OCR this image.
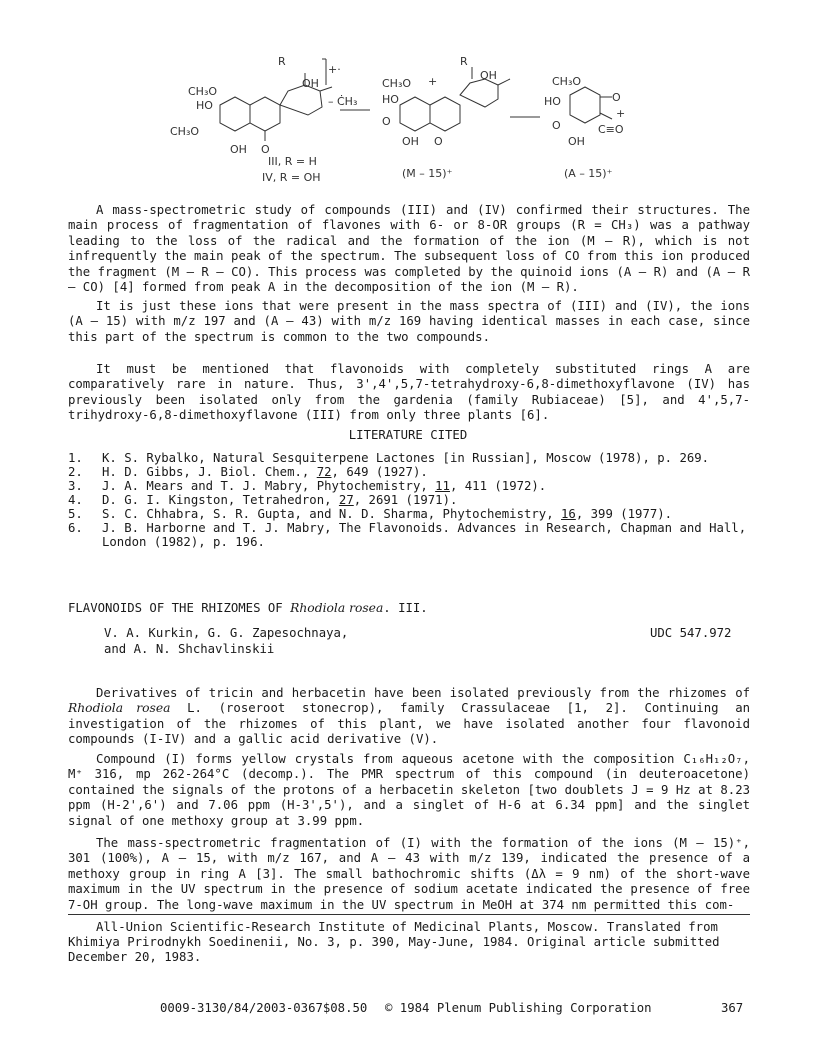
R
+·
OH
CH₃O
HO
CH₃O
OH O
III, R = H
IV, R = OH
– ĊH₃
CH₃O +
HO
R
OH
O
OH O
(M – 15)⁺
CH₃O
HO	O
+
O	C≡O
OH
(A – 15)⁺

A mass-spectrometric study of compounds (III) and (IV) confirmed their structures. The main process of fragmentation of flavones with 6- or 8-OR groups (R = CH₃) was a pathway leading to the loss of the radical and the formation of the ion (M – R), which is not infrequently the main peak of the spectrum. The subsequent loss of CO from this ion produced the fragment (M – R – CO). This process was completed by the quinoid ions (A – R) and (A – R – CO) [4] formed from peak A in the decomposition of the ion (M – R).

It is just these ions that were present in the mass spectra of (III) and (IV), the ions (A – 15) with m/z 197 and (A – 43) with m/z 169 having identical masses in each case, since this part of the spectrum is common to the two compounds.

It must be mentioned that flavonoids with completely substituted rings A are comparatively rare in nature. Thus, 3',4',5,7-tetrahydroxy-6,8-dimethoxyflavone (IV) has previously been isolated only from the gardenia (family Rubiaceae) [5], and 4',5,7-trihydroxy-6,8-dimethoxyflavone (III) from only three plants [6].

LITERATURE CITED

1.	K. S. Rybalko, Natural Sesquiterpene Lactones [in Russian], Moscow (1978), p. 269.
2.	H. D. Gibbs, J. Biol. Chem., 72, 649 (1927).
3.	J. A. Mears and T. J. Mabry, Phytochemistry, 11, 411 (1972).
4.	D. G. I. Kingston, Tetrahedron, 27, 2691 (1971).
5.	S. C. Chhabra, S. R. Gupta, and N. D. Sharma, Phytochemistry, 16, 399 (1977).
6.	J. B. Harborne and T. J. Mabry, The Flavonoids. Advances in Research, Chapman and Hall, London (1982), p. 196.

FLAVONOIDS OF THE RHIZOMES OF Rhodiola rosea. III.

V. A. Kurkin, G. G. Zapesochnaya,
and A. N. Shchavlinskii
UDC 547.972

Derivatives of tricin and herbacetin have been isolated previously from the rhizomes of Rhodiola rosea L. (roseroot stonecrop), family Crassulaceae [1, 2]. Continuing an investigation of the rhizomes of this plant, we have isolated another four flavonoid compounds (I-IV) and a gallic acid derivative (V).

Compound (I) forms yellow crystals from aqueous acetone with the composition C₁₆H₁₂O₇, M⁺ 316, mp 262-264°C (decomp.). The PMR spectrum of this compound (in deuteroacetone) contained the signals of the protons of a herbacetin skeleton [two doublets J = 9 Hz at 8.23 ppm (H-2',6') and 7.06 ppm (H-3',5'), and a singlet of H-6 at 6.34 ppm] and the singlet signal of one methoxy group at 3.99 ppm.

The mass-spectrometric fragmentation of (I) with the formation of the ions (M – 15)⁺, 301 (100%), A – 15, with m/z 167, and A – 43 with m/z 139, indicated the presence of a methoxy group in ring A [3]. The small bathochromic shifts (Δλ = 9 nm) of the short-wave maximum in the UV spectrum in the presence of sodium acetate indicated the presence of free 7-OH group. The long-wave maximum in the UV spectrum in MeOH at 374 nm permitted this com-

All-Union Scientific-Research Institute of Medicinal Plants, Moscow. Translated from Khimiya Prirodnykh Soedinenii, No. 3, p. 390, May-June, 1984. Original article submitted December 20, 1983.

0009-3130/84/2003-0367$08.50 © 1984 Plenum Publishing Corporation	367
